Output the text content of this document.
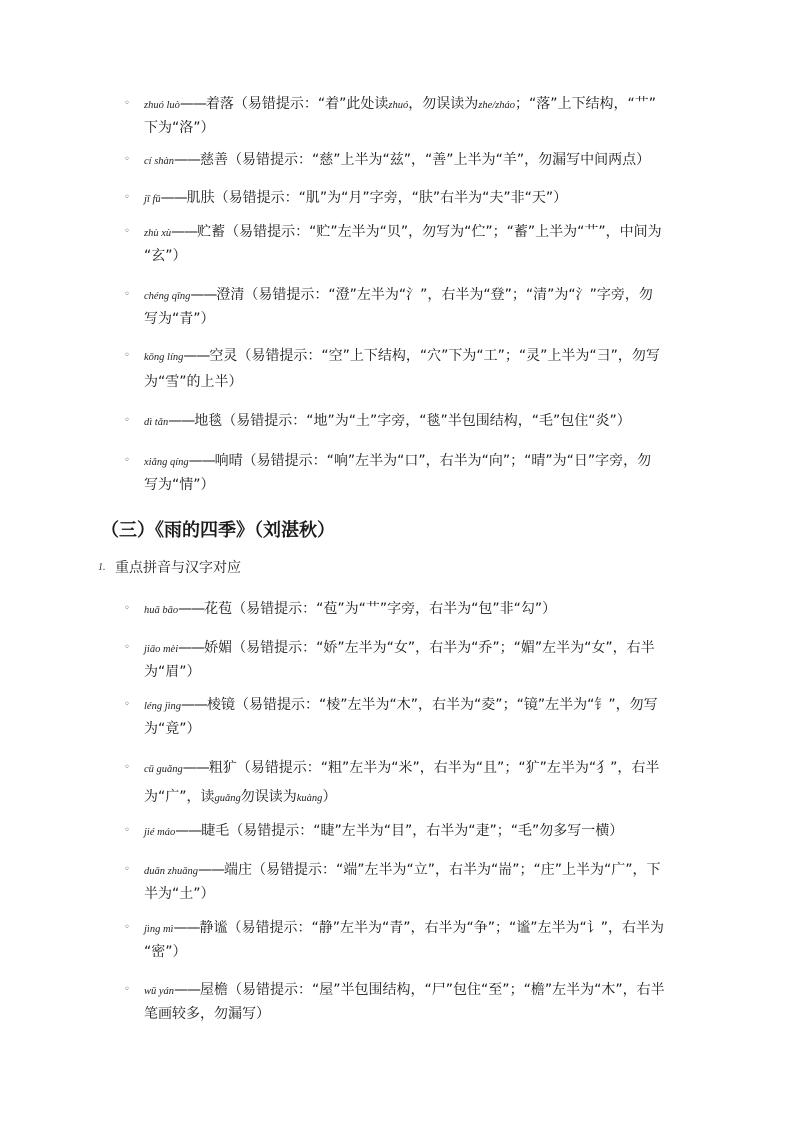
◦ zhuó luò——着落（易错提示：“着”此处读zhuó，勿误读为zhe/zháo；“落”上下结构，“艹”
下为“洛”）
◦ cí shàn——慈善（易错提示：“慈”上半为“兹”，“善”上半为“羊”，勿漏写中间两点）
◦ jī fū——肌肤（易错提示：“肌”为“月”字旁，“肤”右半为“夫”非“天”）
◦ zhù xù——贮蓄（易错提示：“贮”左半为“贝”，勿写为“伫”；“蓄”上半为“艹”，中间为
“玄”）
◦ chéng qīng——澄清（易错提示：“澄”左半为“氵”，右半为“登”；“清”为“氵”字旁，勿
写为“青”）
◦ kōng líng——空灵（易错提示：“空”上下结构，“穴”下为“工”；“灵”上半为“彐”，勿写
为“雪”的上半）
◦ dì tǎn——地毯（易错提示：“地”为“土”字旁，“毯”半包围结构，“毛”包住“炎”）
◦ xiǎng qíng——响晴（易错提示：“响”左半为“口”，右半为“向”；“晴”为“日”字旁，勿
写为“情”）
（三）《雨的四季》（刘湛秋）
1. 重点拼音与汉字对应
◦ huā bāo——花苞（易错提示：“苞”为“艹”字旁，右半为“包”非“勾”）
◦ jiāo mèi——娇媚（易错提示：“娇”左半为“女”，右半为“乔”；“媚”左半为“女”，右半
为“眉”）
◦ léng jìng——棱镜（易错提示：“棱”左半为“木”，右半为“夌”；“镜”左半为“钅”，勿写
为“竟”）
◦ cū guǎng——粗犷（易错提示：“粗”左半为“米”，右半为“且”；“犷”左半为“犭”，右半
为“广”，读guǎng勿误读为kuàng）
◦ jié máo——睫毛（易错提示：“睫”左半为“目”，右半为“疌”；“毛”勿多写一横）
◦ duān zhuāng——端庄（易错提示：“端”左半为“立”，右半为“耑”；“庄”上半为“广”，下
半为“土”）
◦ jìng mì——静谧（易错提示：“静”左半为“青”，右半为“争”；“谧”左半为“讠”，右半为
“密”）
◦ wū yán——屋檐（易错提示：“屋”半包围结构，“尸”包住“至”；“檐”左半为“木”，右半
笔画较多，勿漏写）
